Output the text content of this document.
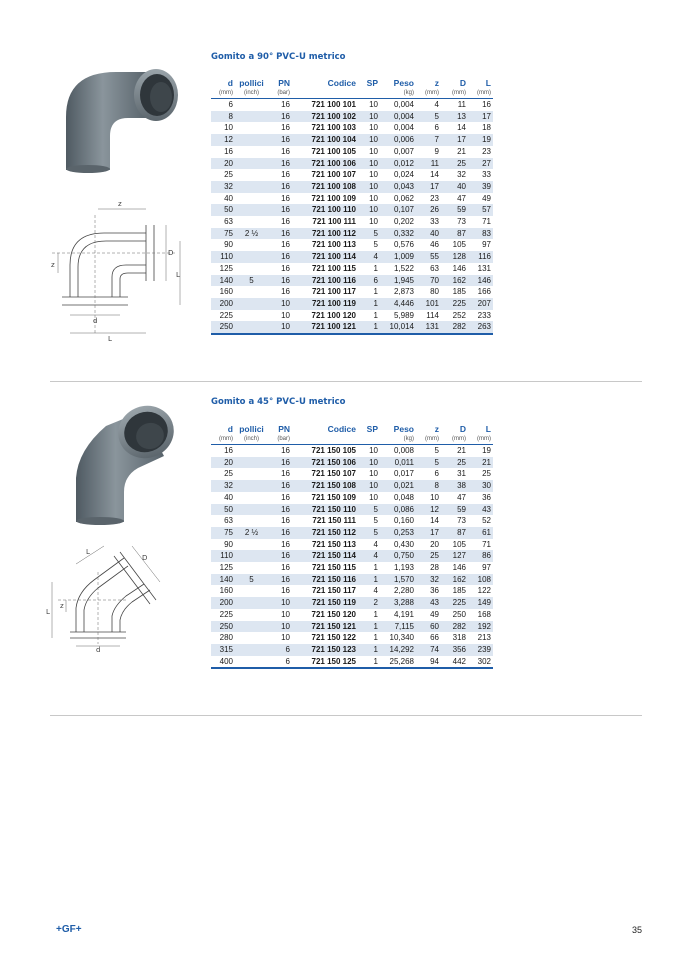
Gomito a 90° PVC-U metrico
z
D
z
L
d
L
d	pollici	PN	Codice	SP	Peso	z	D	L
(mm)	(inch)	(bar)			(kg)	(mm)	(mm)	(mm)
6		16	721 100 101	10	0,004	4	11	16
8		16	721 100 102	10	0,004	5	13	17
10		16	721 100 103	10	0,004	6	14	18
12		16	721 100 104	10	0,006	7	17	19
16		16	721 100 105	10	0,007	9	21	23
20		16	721 100 106	10	0,012	11	25	27
25		16	721 100 107	10	0,024	14	32	33
32		16	721 100 108	10	0,043	17	40	39
40		16	721 100 109	10	0,062	23	47	49
50		16	721 100 110	10	0,107	26	59	57
63		16	721 100 111	10	0,202	33	73	71
75	2 ½	16	721 100 112	5	0,332	40	87	83
90		16	721 100 113	5	0,576	46	105	97
110		16	721 100 114	4	1,009	55	128	116
125		16	721 100 115	1	1,522	63	146	131
140	5	16	721 100 116	6	1,945	70	162	146
160		16	721 100 117	1	2,873	80	185	166
200		10	721 100 119	1	4,446	101	225	207
225		10	721 100 120	1	5,989	114	252	233
250		10	721 100 121	1	10,014	131	282	263
Gomito a 45° PVC-U metrico
L
D
z
L
d
d	pollici	PN	Codice	SP	Peso	z	D	L
(mm)	(inch)	(bar)			(kg)	(mm)	(mm)	(mm)
16		16	721 150 105	10	0,008	5	21	19
20		16	721 150 106	10	0,011	5	25	21
25		16	721 150 107	10	0,017	6	31	25
32		16	721 150 108	10	0,021	8	38	30
40		16	721 150 109	10	0,048	10	47	36
50		16	721 150 110	5	0,086	12	59	43
63		16	721 150 111	5	0,160	14	73	52
75	2 ½	16	721 150 112	5	0,253	17	87	61
90		16	721 150 113	4	0,430	20	105	71
110		16	721 150 114	4	0,750	25	127	86
125		16	721 150 115	1	1,193	28	146	97
140	5	16	721 150 116	1	1,570	32	162	108
160		16	721 150 117	4	2,280	36	185	122
200		10	721 150 119	2	3,288	43	225	149
225		10	721 150 120	1	4,191	49	250	168
250		10	721 150 121	1	7,115	60	282	192
280		10	721 150 122	1	10,340	66	318	213
315		6	721 150 123	1	14,292	74	356	239
400		6	721 150 125	1	25,268	94	442	302
+GF+	35
